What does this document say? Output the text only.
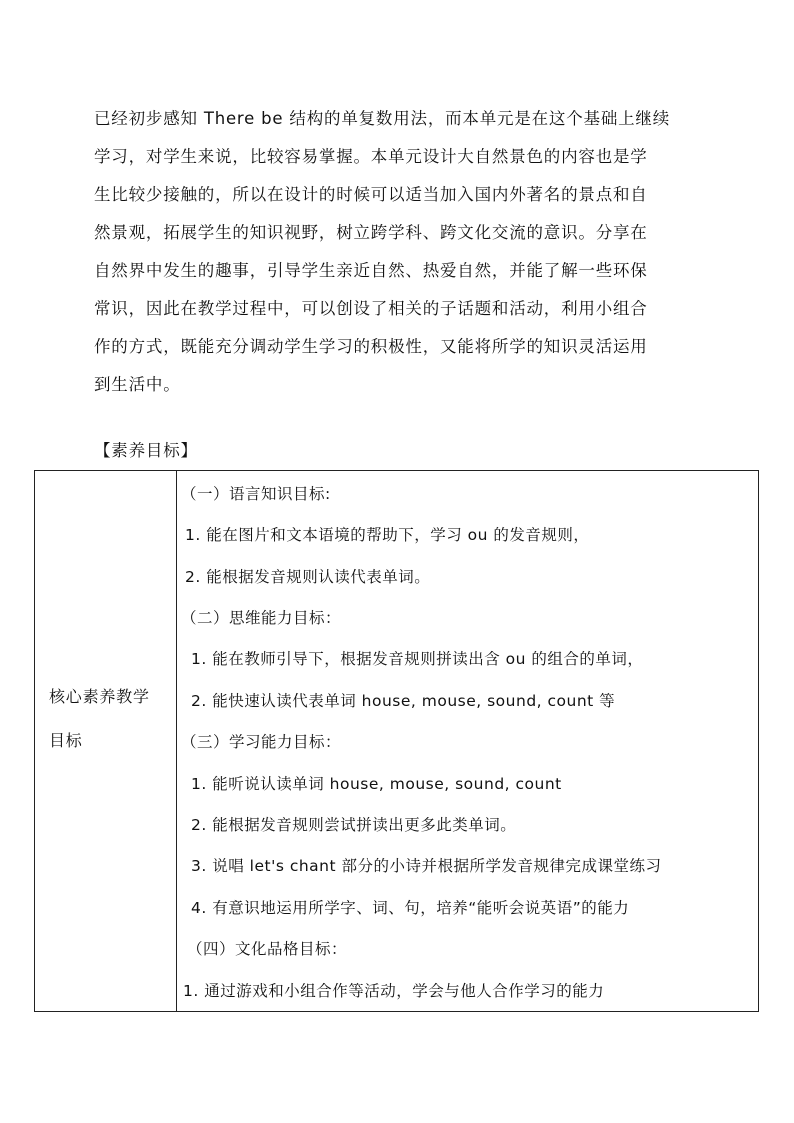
已经初步感知 There be 结构的单复数用法，而本单元是在这个基础上继续
学习，对学生来说，比较容易掌握。本单元设计大自然景色的内容也是学
生比较少接触的，所以在设计的时候可以适当加入国内外著名的景点和自
然景观，拓展学生的知识视野，树立跨学科、跨文化交流的意识。分享在
自然界中发生的趣事，引导学生亲近自然、热爱自然，并能了解一些环保
常识，因此在教学过程中，可以创设了相关的子话题和活动，利用小组合
作的方式，既能充分调动学生学习的积极性，又能将所学的知识灵活运用
到生活中。
【素养目标】
核心素养教学
目标
（一）语言知识目标:
1. 能在图片和文本语境的帮助下，学习 ou 的发音规则，
2. 能根据发音规则认读代表单词。
（二）思维能力目标：
1. 能在教师引导下，根据发音规则拼读出含 ou 的组合的单词，
2. 能快速认读代表单词 house, mouse, sound, count 等
（三）学习能力目标：
1. 能听说认读单词 house, mouse, sound, count
2. 能根据发音规则尝试拼读出更多此类单词。
3. 说唱 let's chant 部分的小诗并根据所学发音规律完成课堂练习
4. 有意识地运用所学字、词、句，培养“能听会说英语”的能力
（四）文化品格目标：
1. 通过游戏和小组合作等活动，学会与他人合作学习的能力
